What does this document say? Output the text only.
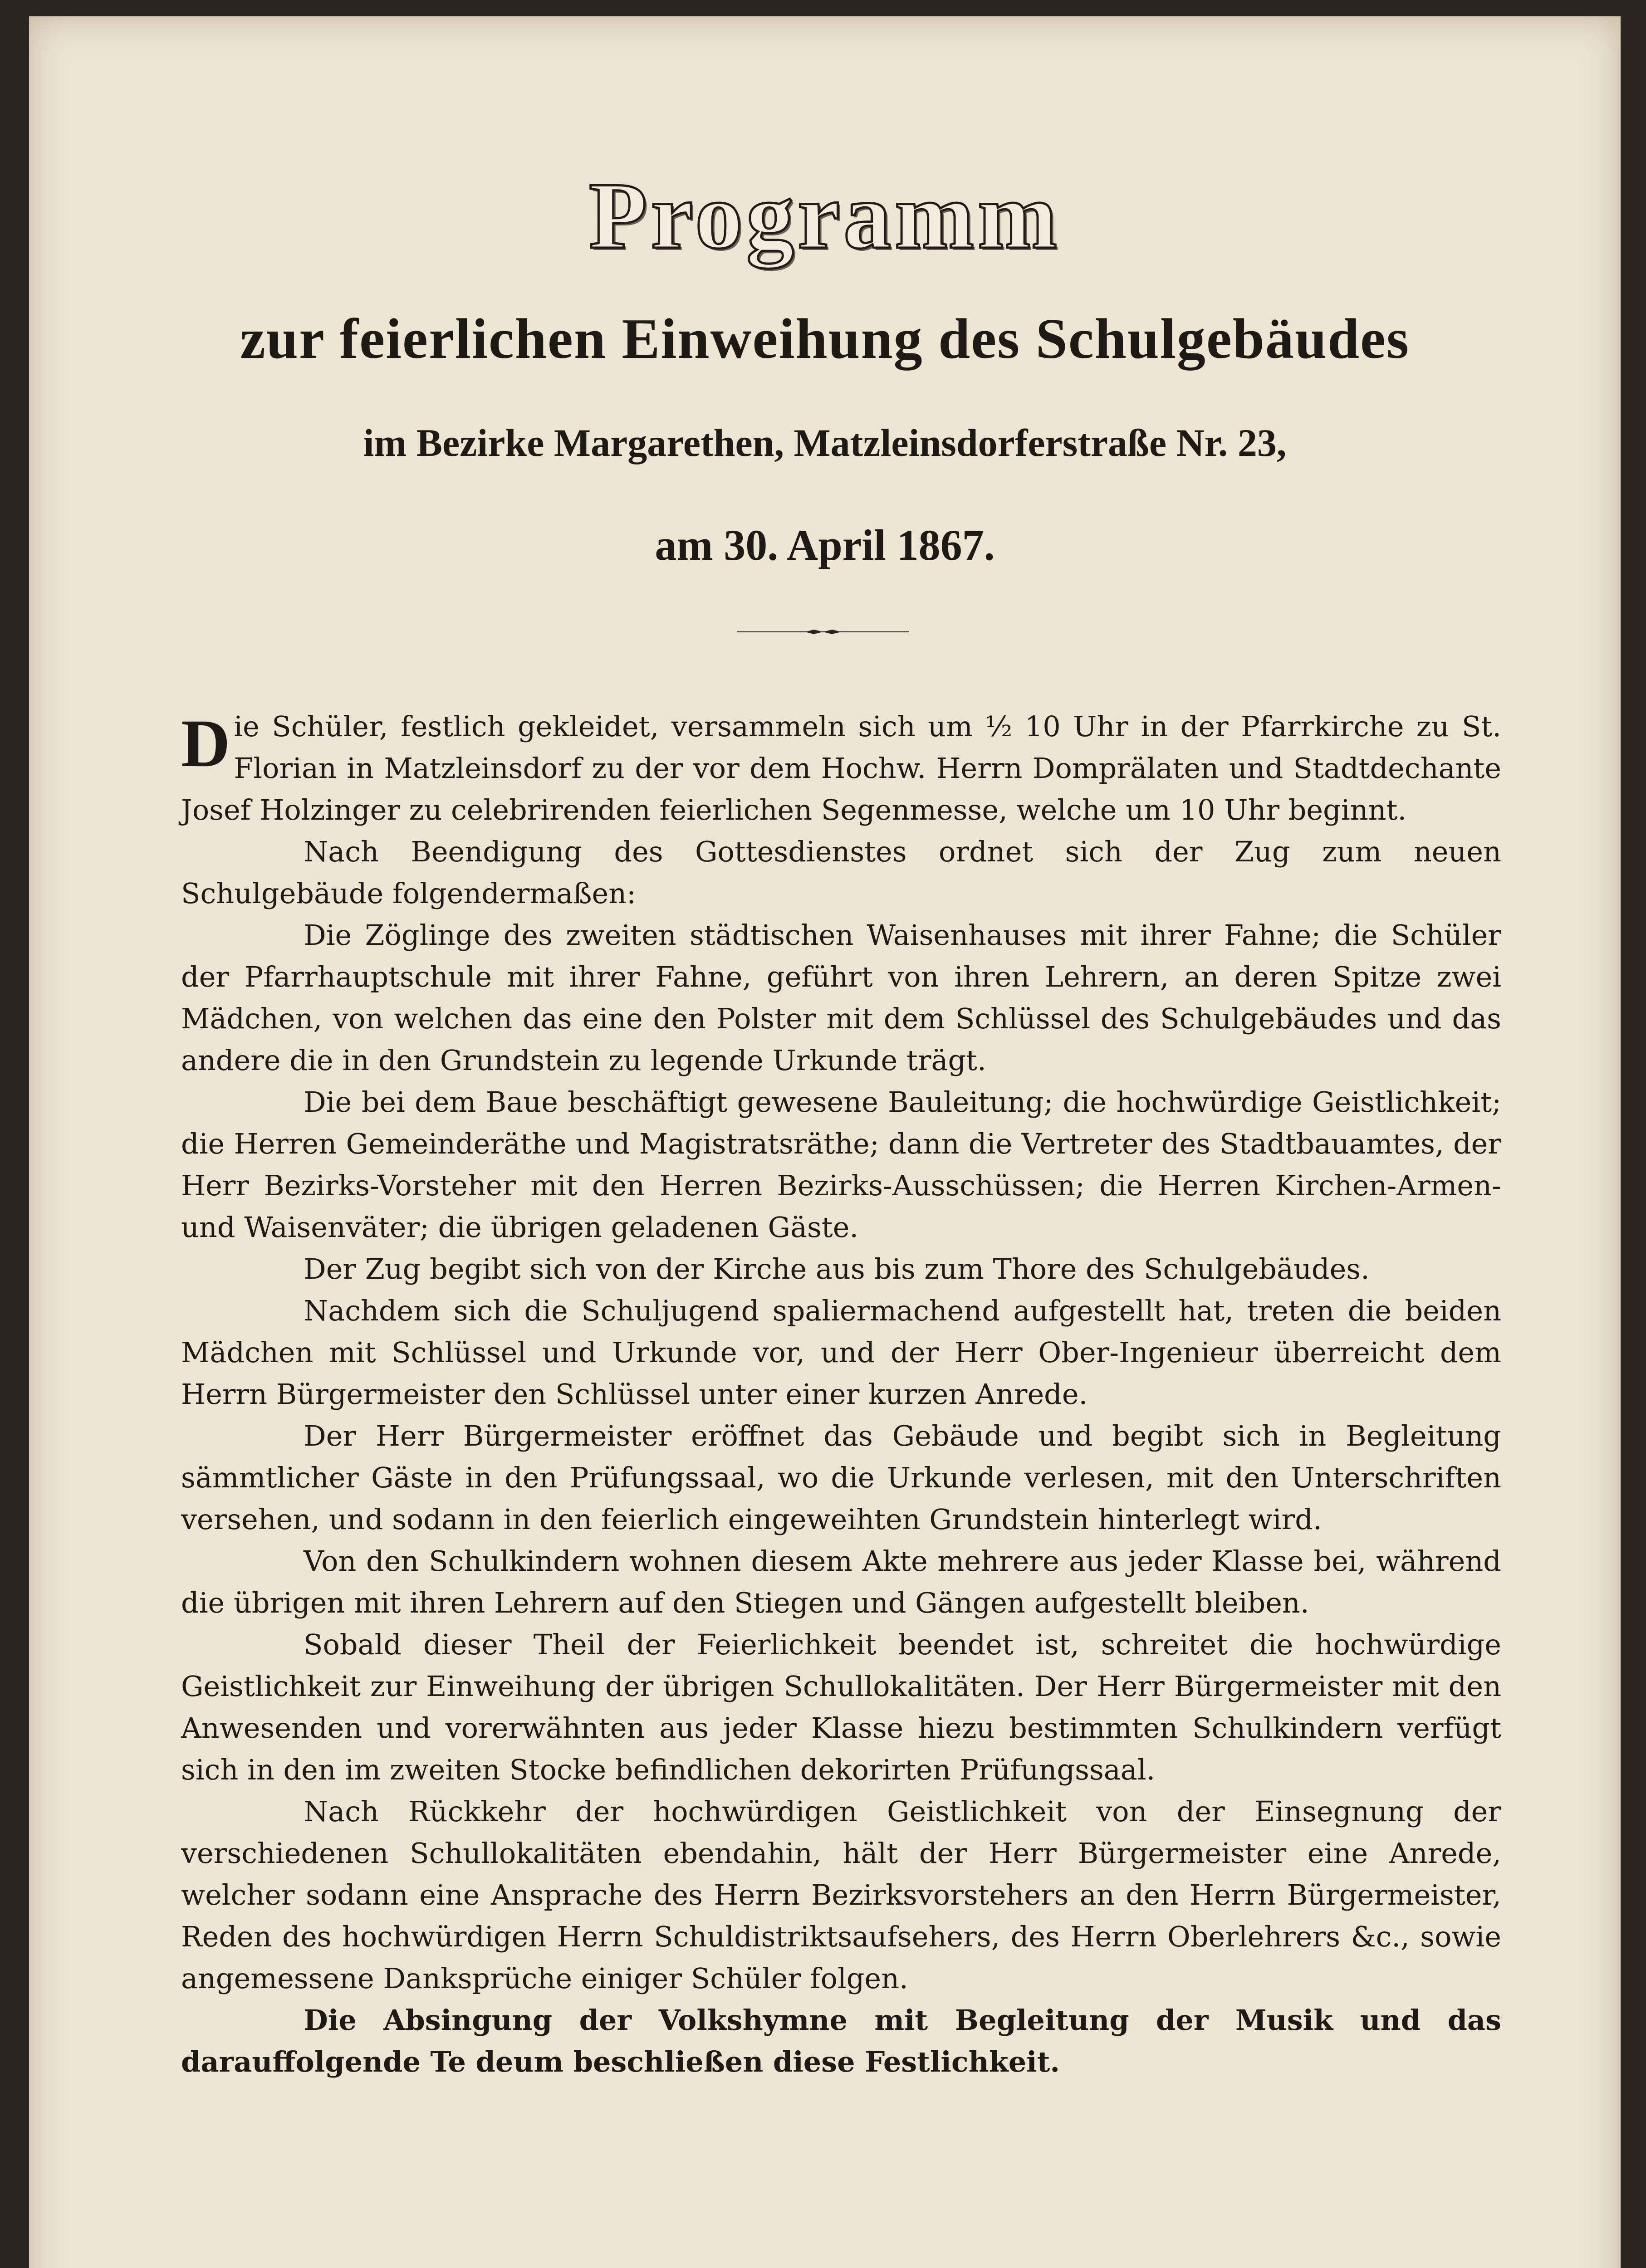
Programm
zur feierlichen Einweihung des Schulgebäudes
im Bezirke Margarethen, Matzleinsdorferstraße Nr. 23,
am 30. April 1867.

Die Schüler, festlich gekleidet, versammeln sich um ½ 10 Uhr in der Pfarrkirche zu St. Florian in Matzleinsdorf zu der vor dem Hochw. Herrn Domprälaten und Stadtdechante Josef Holzinger zu celebrirenden feierlichen Segenmesse, welche um 10 Uhr beginnt.

Nach Beendigung des Gottesdienstes ordnet sich der Zug zum neuen Schulgebäude folgendermaßen:

Die Zöglinge des zweiten städtischen Waisenhauses mit ihrer Fahne; die Schüler der Pfarrhauptschule mit ihrer Fahne, geführt von ihren Lehrern, an deren Spitze zwei Mädchen, von welchen das eine den Polster mit dem Schlüssel des Schulgebäudes und das andere die in den Grundstein zu legende Urkunde trägt.

Die bei dem Baue beschäftigt gewesene Bauleitung; die hochwürdige Geistlichkeit; die Herren Gemeinderäthe und Magistratsräthe; dann die Vertreter des Stadtbauamtes, der Herr Bezirks-Vorsteher mit den Herren Bezirks-Ausschüssen; die Herren Kirchen-Armen- und Waisenväter; die übrigen geladenen Gäste.

Der Zug begibt sich von der Kirche aus bis zum Thore des Schulgebäudes.

Nachdem sich die Schuljugend spaliermachend aufgestellt hat, treten die beiden Mädchen mit Schlüssel und Urkunde vor, und der Herr Ober-Ingenieur überreicht dem Herrn Bürgermeister den Schlüssel unter einer kurzen Anrede.

Der Herr Bürgermeister eröffnet das Gebäude und begibt sich in Begleitung sämmtlicher Gäste in den Prüfungssaal, wo die Urkunde verlesen, mit den Unterschriften versehen, und sodann in den feierlich eingeweihten Grundstein hinterlegt wird.

Von den Schulkindern wohnen diesem Akte mehrere aus jeder Klasse bei, während die übrigen mit ihren Lehrern auf den Stiegen und Gängen aufgestellt bleiben.

Sobald dieser Theil der Feierlichkeit beendet ist, schreitet die hochwürdige Geistlichkeit zur Einweihung der übrigen Schullokalitäten. Der Herr Bürgermeister mit den Anwesenden und vorerwähnten aus jeder Klasse hiezu bestimmten Schulkindern verfügt sich in den im zweiten Stocke befindlichen dekorirten Prüfungssaal.

Nach Rückkehr der hochwürdigen Geistlichkeit von der Einsegnung der verschiedenen Schullokalitäten ebendahin, hält der Herr Bürgermeister eine Anrede, welcher sodann eine Ansprache des Herrn Bezirksvorstehers an den Herrn Bürgermeister, Reden des hochwürdigen Herrn Schuldistriktsaufsehers, des Herrn Oberlehrers &c., sowie angemessene Danksprüche einiger Schüler folgen.

Die Absingung der Volkshymne mit Begleitung der Musik und das darauffolgende Te deum beschließen diese Festlichkeit.
